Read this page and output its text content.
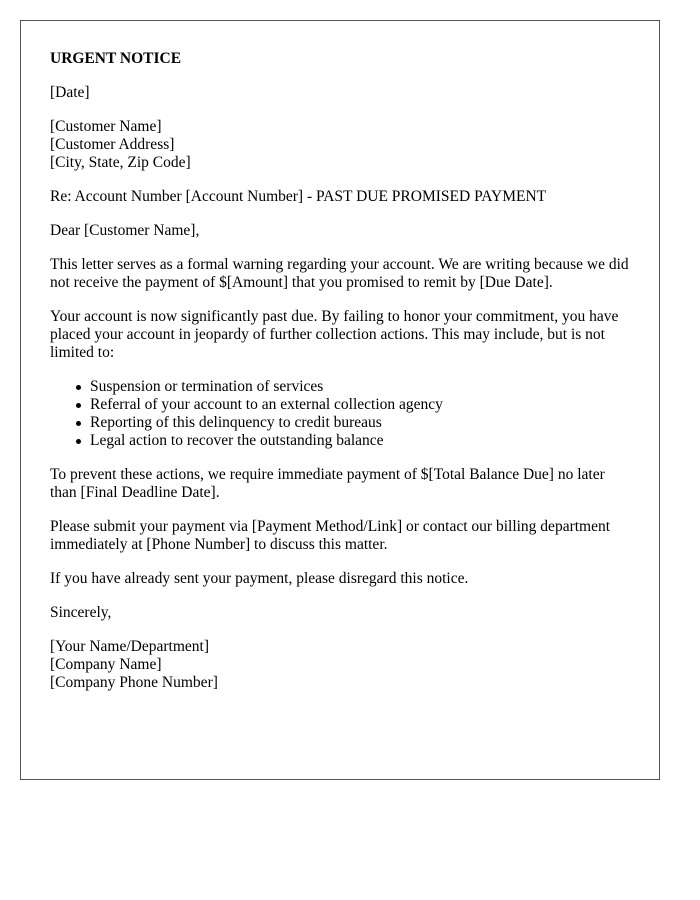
URGENT NOTICE

[Date]

[Customer Name]

[Customer Address]

[City, State, Zip Code]

Re: Account Number [Account Number] - PAST DUE PROMISED PAYMENT

Dear [Customer Name],

This letter serves as a formal warning regarding your account. We are writing because we did not receive the payment of $[Amount] that you promised to remit by [Due Date].

Your account is now significantly past due. By failing to honor your commitment, you have placed your account in jeopardy of further collection actions. This may include, but is not limited to:

Suspension or termination of services
Referral of your account to an external collection agency
Reporting of this delinquency to credit bureaus
Legal action to recover the outstanding balance

To prevent these actions, we require immediate payment of $[Total Balance Due] no later than [Final Deadline Date].

Please submit your payment via [Payment Method/Link] or contact our billing department immediately at [Phone Number] to discuss this matter.

If you have already sent your payment, please disregard this notice.

Sincerely,

[Your Name/Department]

[Company Name]

[Company Phone Number]
